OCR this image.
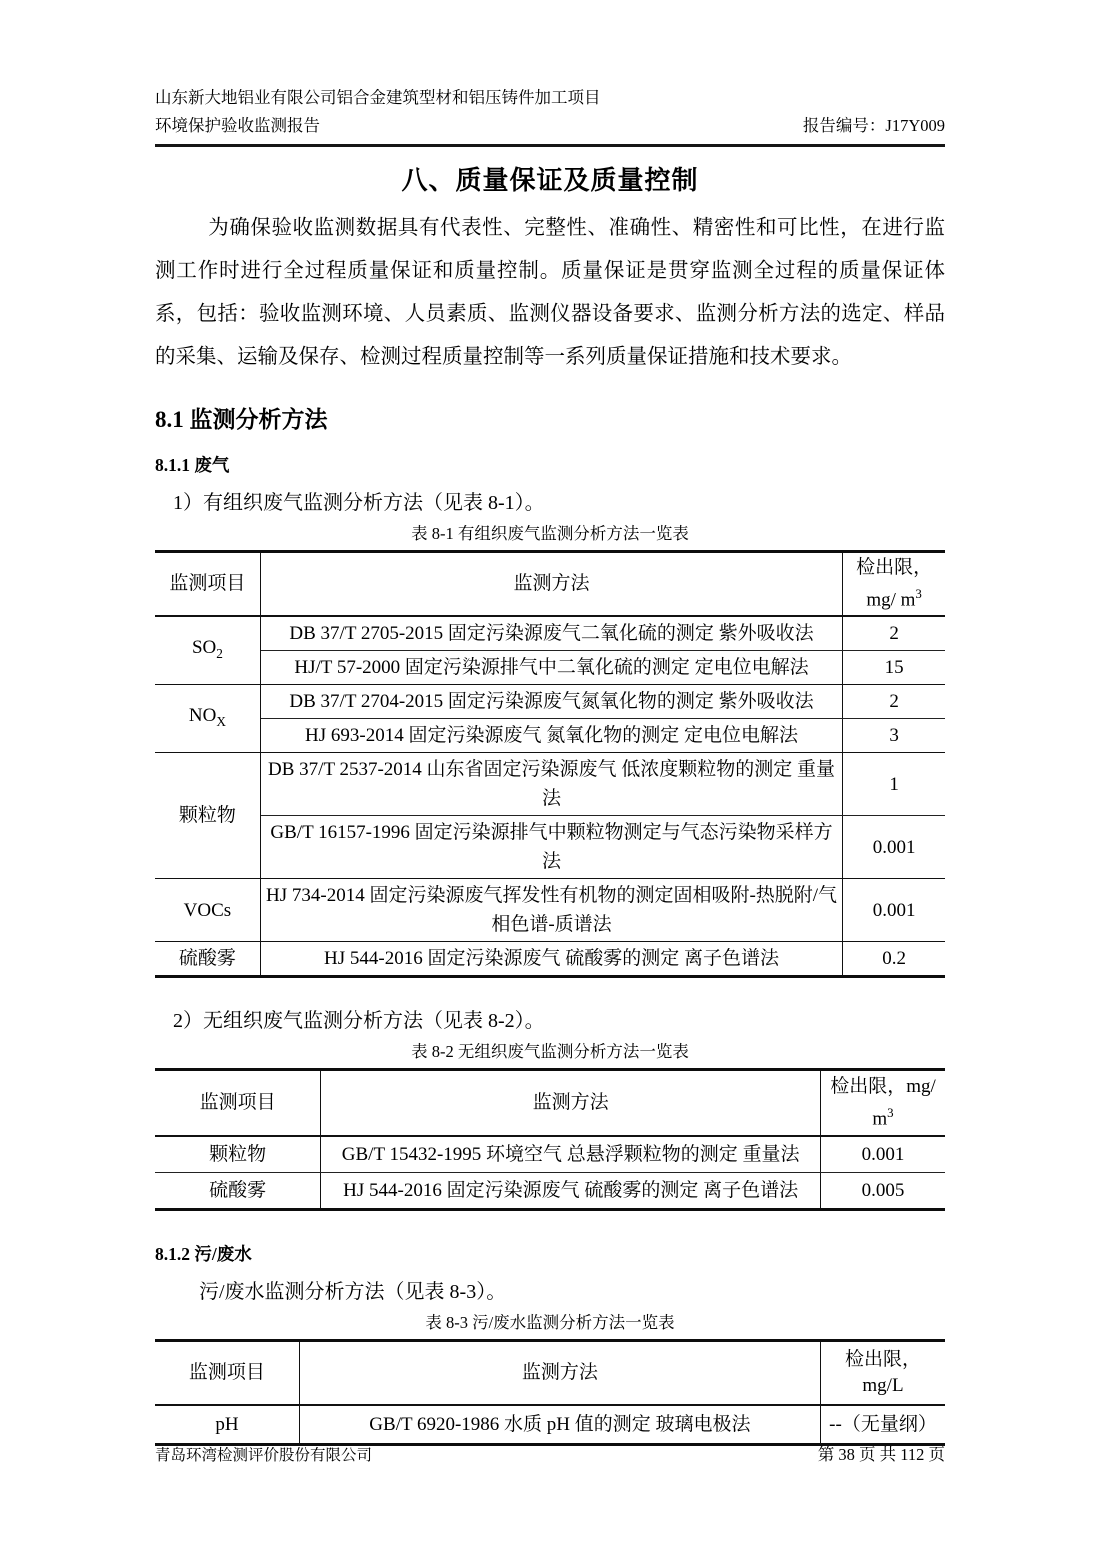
山东新大地铝业有限公司铝合金建筑型材和铝压铸件加工项目
环境保护验收监测报告	报告编号：J17Y009
八、质量保证及质量控制

为确保验收监测数据具有代表性、完整性、准确性、精密性和可比性，在进行监测工作时进行全过程质量保证和质量控制。质量保证是贯穿监测全过程的质量保证体系，包括：验收监测环境、人员素质、监测仪器设备要求、监测分析方法的选定、样品的采集、运输及保存、检测过程质量控制等一系列质量保证措施和技术要求。

8.1 监测分析方法
8.1.1 废气

1）有组织废气监测分析方法（见表 8-1）。

表 8-1 有组织废气监测分析方法一览表
监测项目	监测方法	检出限，
mg/ $m^3$

$SO_2$	DB 37/T 2705-2015 固定污染源废气二氧化硫的测定 紫外吸收法	2
	HJ/T 57-2000 固定污染源排气中二氧化硫的测定 定电位电解法	15
$NO_X$	DB 37/T 2704-2015 固定污染源废气氮氧化物的测定 紫外吸收法	2
	HJ 693-2014 固定污染源废气 氮氧化物的测定 定电位电解法	3
颗粒物	DB 37/T 2537-2014 山东省固定污染源废气 低浓度颗粒物的测定 重量法	1
	GB/T 16157-1996 固定污染源排气中颗粒物测定与气态污染物采样方法	0.001
VOCs	HJ 734-2014 固定污染源废气挥发性有机物的测定固相吸附-热脱附/气相色谱-质谱法	0.001
硫酸雾	HJ 544-2016 固定污染源废气 硫酸雾的测定 离子色谱法	0.2

2）无组织废气监测分析方法（见表 8-2）。

表 8-2 无组织废气监测分析方法一览表
监测项目	监测方法	检出限，mg/
$m^3$

颗粒物	GB/T 15432-1995 环境空气 总悬浮颗粒物的测定 重量法	0.001
硫酸雾	HJ 544-2016 固定污染源废气 硫酸雾的测定 离子色谱法	0.005
8.1.2 污/废水

污/废水监测分析方法（见表 8-3）。

表 8-3 污/废水监测分析方法一览表
监测项目	监测方法	检出限，
mg/L

pH	GB/T 6920-1986 水质 pH 值的测定 玻璃电极法	--（无量纲）
青岛环湾检测评价股份有限公司	第 38 页 共 112 页
